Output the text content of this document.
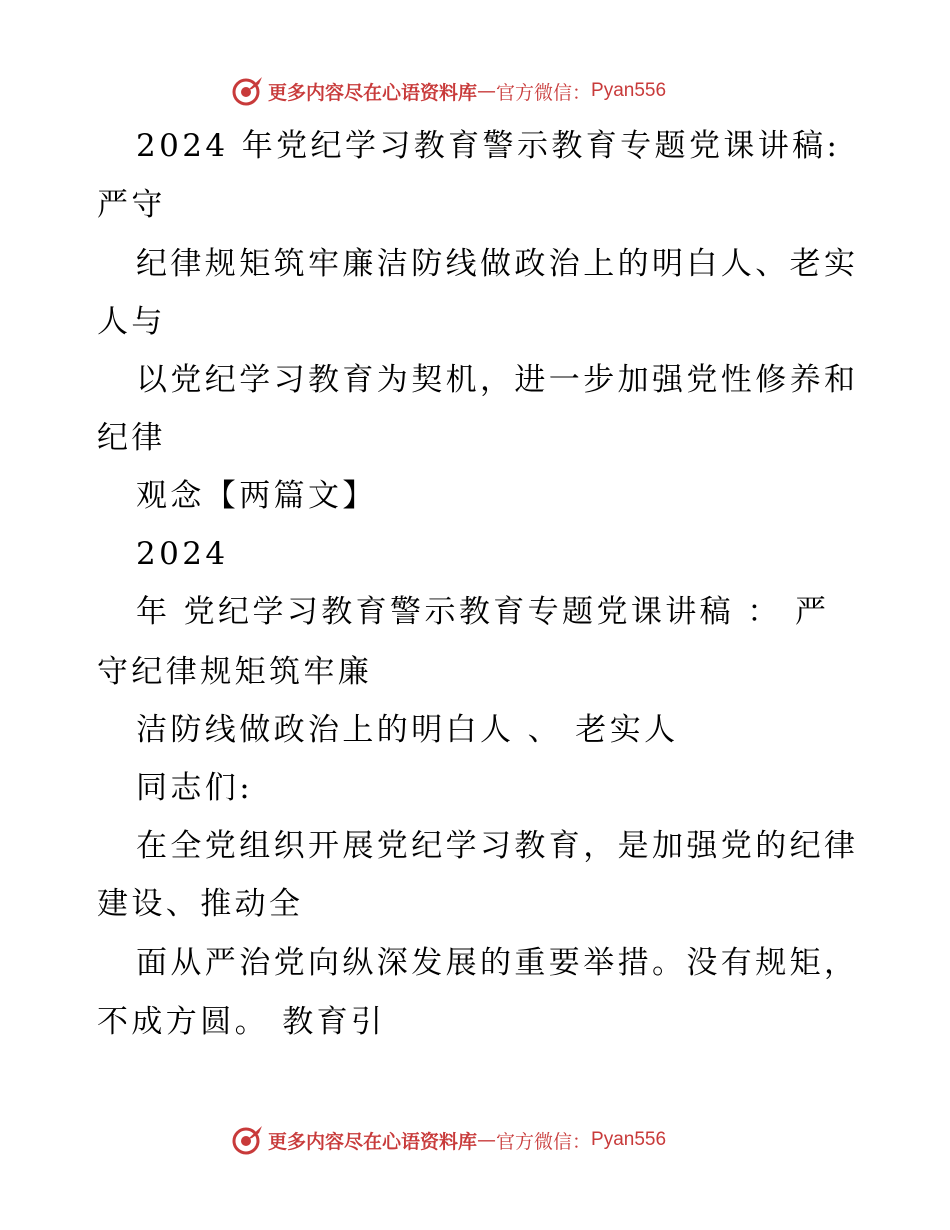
更多内容尽在心语资料库 — 官方微信： Pyan556
2024 年党纪学习教育警示教育专题党课讲稿:
严守
纪律规矩筑牢廉洁防线做政治上的明白人、老实
人与
以党纪学习教育为契机，进一步加强党性修养和
纪律
观念【两篇文】
2024
年 党纪学习教育警示教育专题党课讲稿 ： 严
守纪律规矩筑牢廉
洁防线做政治上的明白人 、 老实人
同志们:
在全党组织开展党纪学习教育，是加强党的纪律
建设、推动全
面从严治党向纵深发展的重要举措。没有规矩，
不成方圆。 教育引
更多内容尽在心语资料库 — 官方微信： Pyan556
